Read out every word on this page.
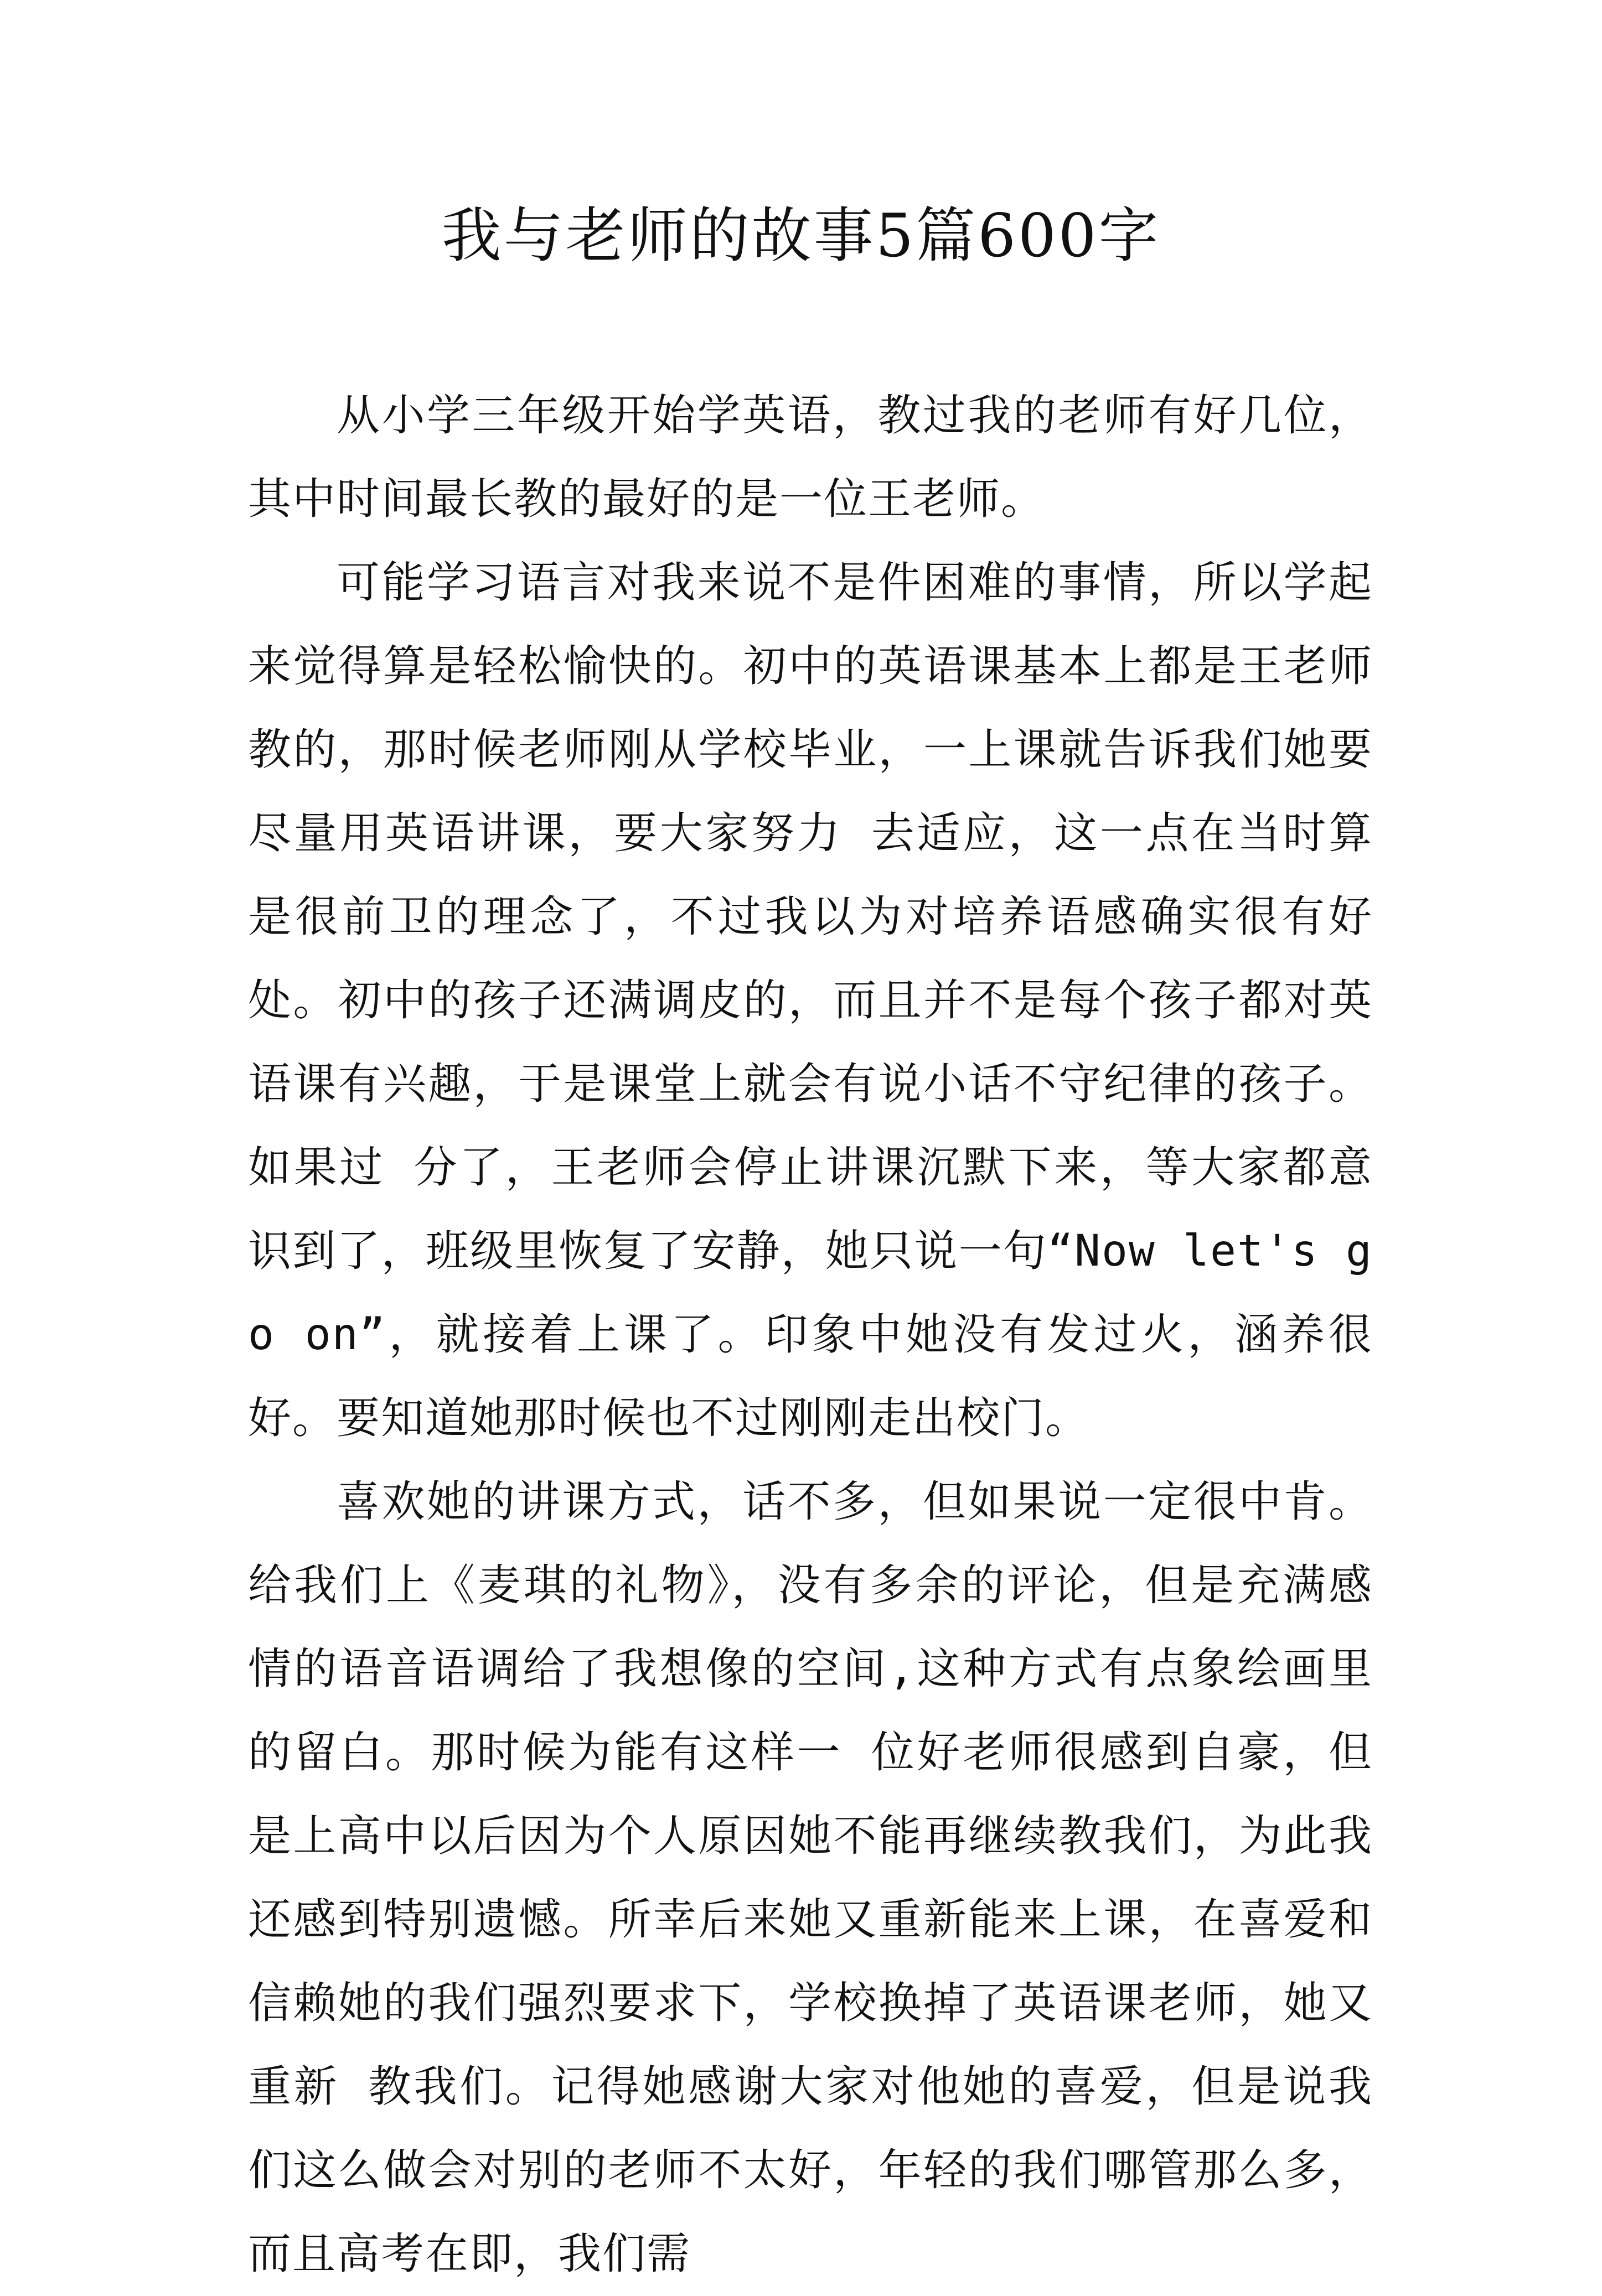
我与老师的故事5篇600字

从小学三年级开始学英语，教过我的老师有好几位，其中时间最长教的最好的是一位王老师。

可能学习语言对我来说不是件困难的事情，所以学起来觉得算是轻松愉快的。初中的英语课基本上都是王老师教的，那时候老师刚从学校毕业，一上课就告诉我们她要尽量用英语讲课，要大家努力 去适应，这一点在当时算是很前卫的理念了，不过我以为对培养语感确实很有好处。初中的孩子还满调皮的，而且并不是每个孩子都对英语课有兴趣，于是课堂上就会有说小话不守纪律的孩子。如果过 分了，王老师会停止讲课沉默下来，等大家都意识到了，班级里恢复了安静，她只说一句“Now let's go on”，就接着上课了。印象中她没有发过火，涵养很好。要知道她那时候也不过刚刚走出校门。

喜欢她的讲课方式，话不多，但如果说一定很中肯。给我们上《麦琪的礼物》，没有多余的评论，但是充满感情的语音语调给了我想像的空间,这种方式有点象绘画里的留白。那时候为能有这样一 位好老师很感到自豪，但是上高中以后因为个人原因她不能再继续教我们，为此我还感到特别遗憾。所幸后来她又重新能来上课，在喜爱和信赖她的我们强烈要求下，学校换掉了英语课老师，她又重新 教我们。记得她感谢大家对他她的喜爱，但是说我们这么做会对别的老师不太好，年轻的我们哪管那么多，而且高考在即，我们需
